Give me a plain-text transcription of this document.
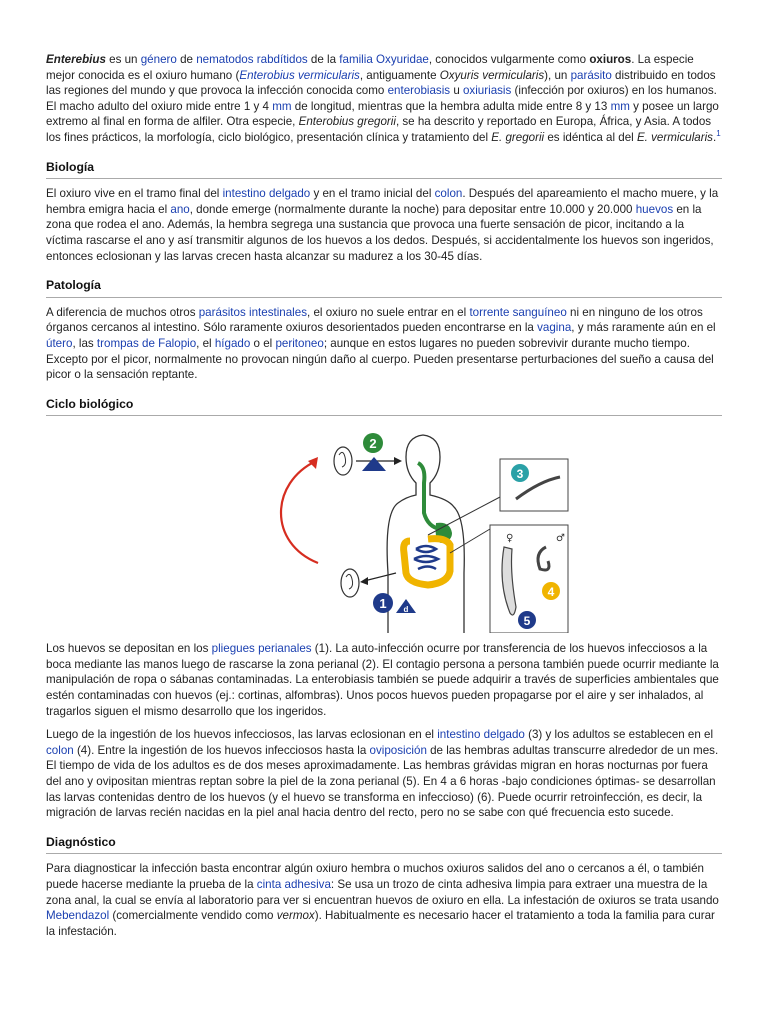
Enterebius es un género de nematodos rabdítidos de la familia Oxyuridae, conocidos vulgarmente como oxiuros. La especie mejor conocida es el oxiuro humano (Enterobius vermicularis, antiguamente Oxyuris vermicularis), un parásito distribuido en todos las regiones del mundo y que provoca la infección conocida como enterobiasis u oxiuriasis (infección por oxiuros) en los humanos. El macho adulto del oxiuro mide entre 1 y 4 mm de longitud, mientras que la hembra adulta mide entre 8 y 13 mm y posee un largo extremo al final en forma de alfiler. Otra especie, Enterobius gregorii, se ha descrito y reportado en Europa, África, y Asia. A todos los fines prácticos, la morfología, ciclo biológico, presentación clínica y tratamiento del E. gregorii es idéntica al del E. vermicularis.$^1$

Biología

El oxiuro vive en el tramo final del intestino delgado y en el tramo inicial del colon. Después del apareamiento el macho muere, y la hembra emigra hacia el ano, donde emerge (normalmente durante la noche) para depositar entre 10.000 y 20.000 huevos en la zona que rodea el ano. Además, la hembra segrega una sustancia que provoca una fuerte sensación de picor, incitando a la víctima rascarse el ano y así transmitir algunos de los huevos a los dedos. Después, si accidentalmente los huevos son ingeridos, entonces eclosionan y las larvas crecen hasta alcanzar su madurez a los 30-45 días.

Patología

A diferencia de muchos otros parásitos intestinales, el oxiuro no suele entrar en el torrente sanguíneo ni en ninguno de los otros órganos cercanos al intestino. Sólo raramente oxiuros desorientados pueden encontrarse en la vagina, y más raramente aún en el útero, las trompas de Falopio, el hígado o el peritoneo; aunque en estos lugares no pueden sobrevivir durante mucho tiempo. Excepto por el picor, normalmente no provocan ningún daño al cuerpo. Pueden presentarse perturbaciones del sueño a causa del picor o la sensación reptante.

Ciclo biológico
2
1 d
3
♀	♂
4
5

Los huevos se depositan en los pliegues perianales (1). La auto-infección ocurre por transferencia de los huevos infecciosos a la boca mediante las manos luego de rascarse la zona perianal (2). El contagio persona a persona también puede ocurrir mediante la manipulación de ropa o sábanas contaminadas. La enterobiasis también se puede adquirir a través de superficies ambientales que estén contaminadas con huevos (ej.: cortinas, alfombras). Unos pocos huevos pueden propagarse por el aire y ser inhalados, al tragarlos siguen el mismo desarrollo que los ingeridos.

Luego de la ingestión de los huevos infecciosos, las larvas eclosionan en el intestino delgado (3) y los adultos se establecen en el colon (4). Entre la ingestión de los huevos infecciosos hasta la oviposición de las hembras adultas transcurre alrededor de un mes. El tiempo de vida de los adultos es de dos meses aproximadamente. Las hembras grávidas migran en horas nocturnas por fuera del ano y ovipositan mientras reptan sobre la piel de la zona perianal (5). En 4 a 6 horas -bajo condiciones óptimas- se desarrollan las larvas contenidas dentro de los huevos (y el huevo se transforma en infeccioso) (6). Puede ocurrir retroinfección, es decir, la migración de larvas recién nacidas en la piel anal hacia dentro del recto, pero no se sabe con qué frecuencia esto sucede.

Diagnóstico

Para diagnosticar la infección basta encontrar algún oxiuro hembra o muchos oxiuros salidos del ano o cercanos a él, o también puede hacerse mediante la prueba de la cinta adhesiva: Se usa un trozo de cinta adhesiva limpia para extraer una muestra de la zona anal, la cual se envía al laboratorio para ver si encuentran huevos de oxiuro en ella. La infestación de oxiuros se trata usando Mebendazol (comercialmente vendido como vermox). Habitualmente es necesario hacer el tratamiento a toda la familia para curar la infestación.
